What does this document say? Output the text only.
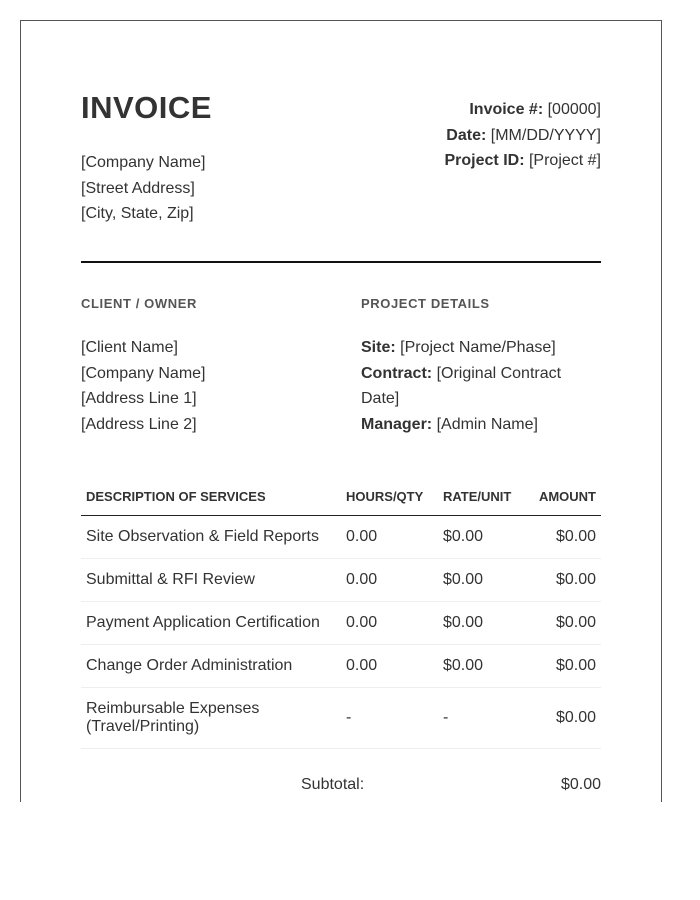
INVOICE
[Company Name]
[Street Address]
[City, State, Zip]
Invoice #: [00000]
Date: [MM/DD/YYYY]
Project ID: [Project #]
CLIENT / OWNER
[Client Name]
[Company Name]
[Address Line 1]
[Address Line 2]
PROJECT DETAILS
Site: [Project Name/Phase]
Contract: [Original Contract Date]
Manager: [Admin Name]
DESCRIPTION OF SERVICES	HOURS/QTY	RATE/UNIT	AMOUNT
Site Observation & Field Reports	0.00	$0.00	$0.00
Submittal & RFI Review	0.00	$0.00	$0.00
Payment Application Certification	0.00	$0.00	$0.00
Change Order Administration	0.00	$0.00	$0.00
Reimbursable Expenses (Travel/Printing)	-	-	$0.00
Subtotal:	$0.00
